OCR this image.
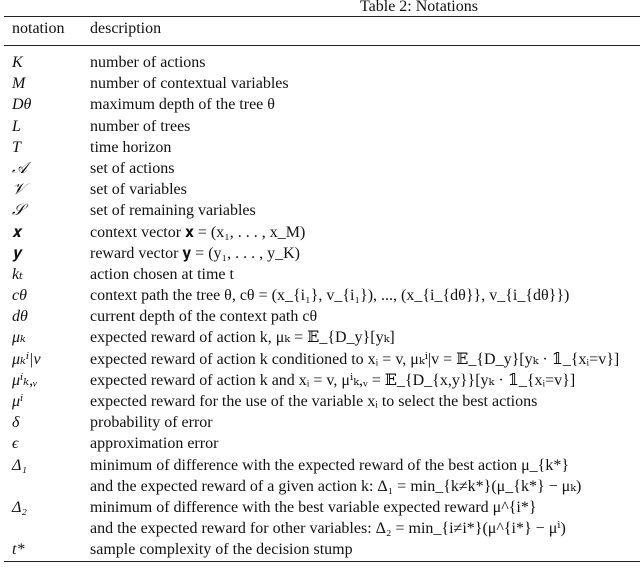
Table 2: Notations
notation description
K	number of actions
M	number of contextual variables
Dθ	maximum depth of the tree θ
L	number of trees
T	time horizon
𝒜	set of actions
𝒱	set of variables
𝒮	set of remaining variables
𝐱	context vector 𝐱 = (x₁, . . . , x_M)
𝐲	reward vector 𝐲 = (y₁, . . . , y_K)
kₜ	action chosen at time t
cθ	context path the tree θ, cθ = (x_{i₁}, v_{i₁}), ..., (x_{i_{dθ}}, v_{i_{dθ}})
dθ	current depth of the context path cθ
μₖ	expected reward of action k, μₖ = 𝔼_{D_y}[yₖ]
μₖⁱ|v	expected reward of action k conditioned to xᵢ = v, μₖⁱ|v = 𝔼_{D_y}[yₖ · 𝟙_{xᵢ=v}]
μⁱₖ,ᵥ	expected reward of action k and xᵢ = v, μⁱₖ,ᵥ = 𝔼_{D_{x,y}}[yₖ · 𝟙_{xᵢ=v}]
μⁱ	expected reward for the use of the variable xᵢ to select the best actions
δ	probability of error
ϵ	approximation error
Δ₁	minimum of difference with the expected reward of the best action μ_{k*}
and the expected reward of a given action k: Δ₁ = min_{k≠k*}(μ_{k*} − μₖ)
Δ₂	minimum of difference with the best variable expected reward μ^{i*}
and the expected reward for other variables: Δ₂ = min_{i≠i*}(μ^{i*} − μⁱ)
t*	sample complexity of the decision stump
